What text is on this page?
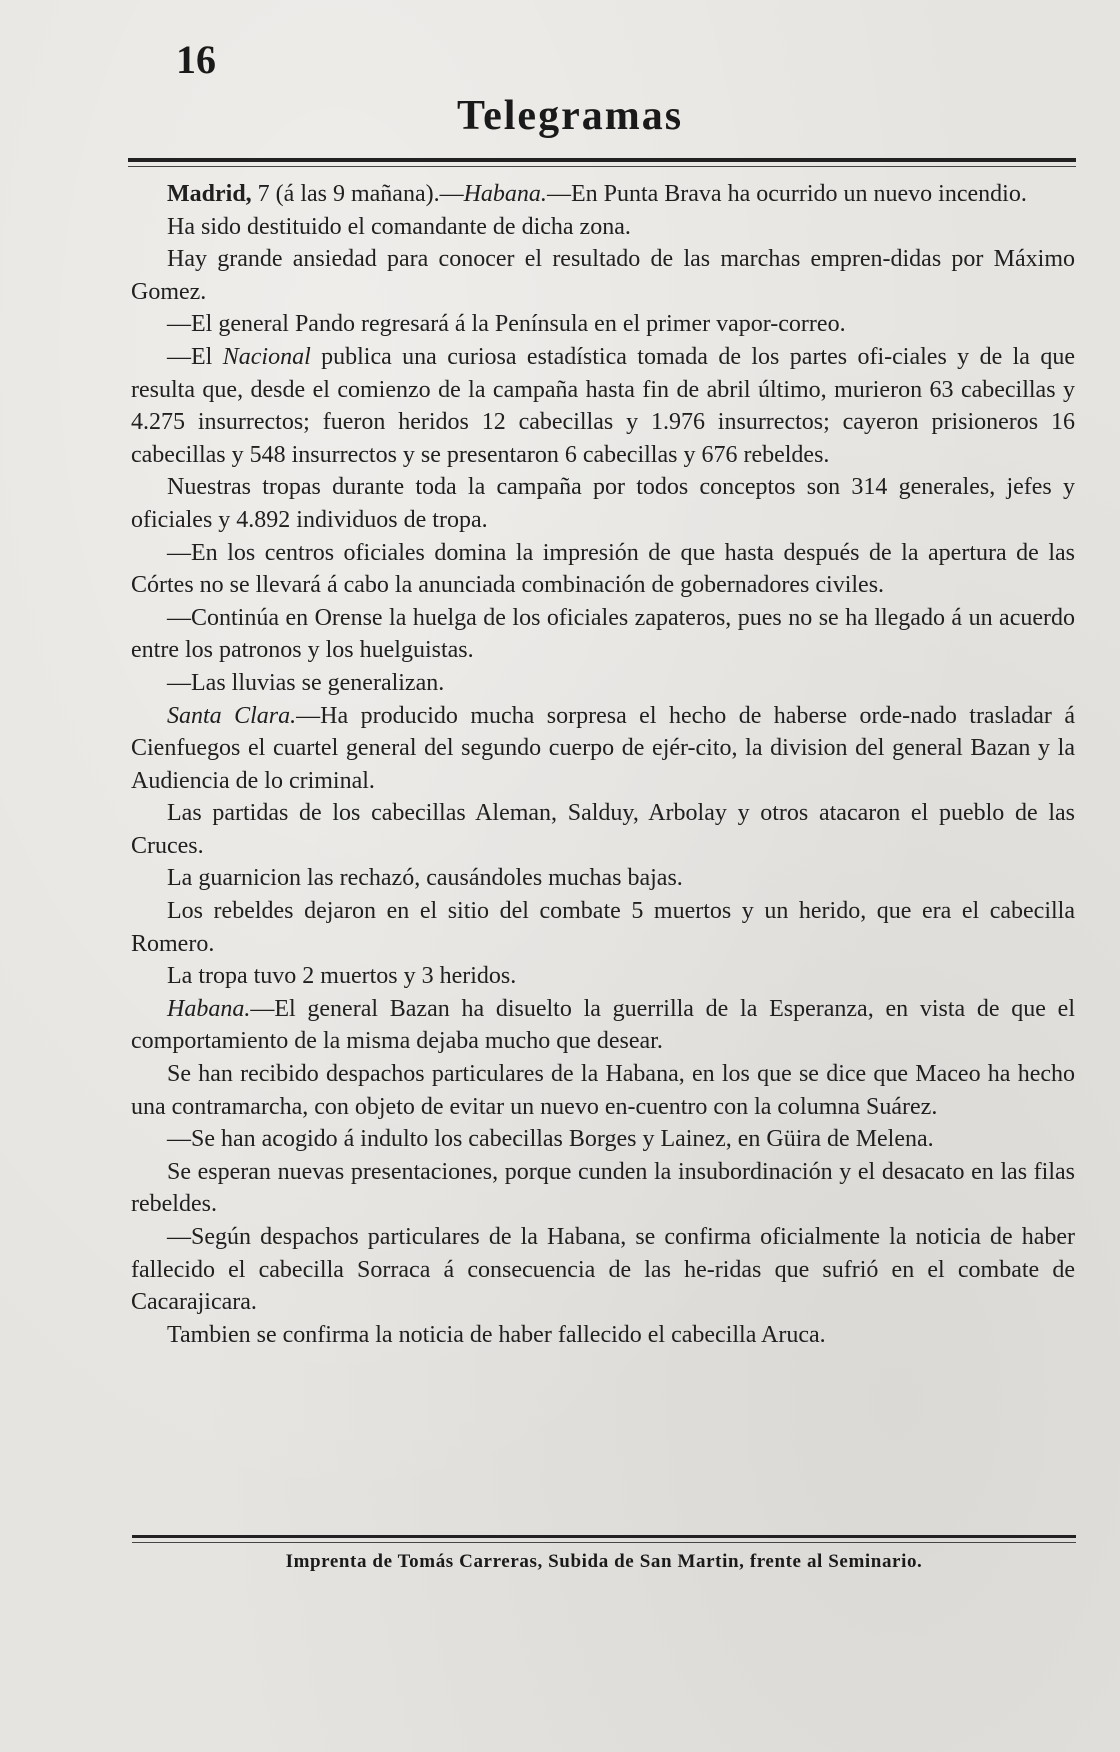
16
Telegramas

Madrid, 7 (á las 9 mañana).—Habana.—En Punta Brava ha ocurrido un nuevo incendio.

Ha sido destituido el comandante de dicha zona.

Hay grande ansiedad para conocer el resultado de las marchas empren-didas por Máximo Gomez.

—El general Pando regresará á la Península en el primer vapor-correo.

—El Nacional publica una curiosa estadística tomada de los partes ofi-ciales y de la que resulta que, desde el comienzo de la campaña hasta fin de abril último, murieron 63 cabecillas y 4.275 insurrectos; fueron heridos 12 cabecillas y 1.976 insurrectos; cayeron prisioneros 16 cabecillas y 548 insurrectos y se presentaron 6 cabecillas y 676 rebeldes.

Nuestras tropas durante toda la campaña por todos conceptos son 314 generales, jefes y oficiales y 4.892 individuos de tropa.

—En los centros oficiales domina la impresión de que hasta después de la apertura de las Córtes no se llevará á cabo la anunciada combinación de gobernadores civiles.

—Continúa en Orense la huelga de los oficiales zapateros, pues no se ha llegado á un acuerdo entre los patronos y los huelguistas.

—Las lluvias se generalizan.

Santa Clara.—Ha producido mucha sorpresa el hecho de haberse orde-nado trasladar á Cienfuegos el cuartel general del segundo cuerpo de ejér-cito, la division del general Bazan y la Audiencia de lo criminal.

Las partidas de los cabecillas Aleman, Salduy, Arbolay y otros atacaron el pueblo de las Cruces.

La guarnicion las rechazó, causándoles muchas bajas.

Los rebeldes dejaron en el sitio del combate 5 muertos y un herido, que era el cabecilla Romero.

La tropa tuvo 2 muertos y 3 heridos.

Habana.—El general Bazan ha disuelto la guerrilla de la Esperanza, en vista de que el comportamiento de la misma dejaba mucho que desear.

Se han recibido despachos particulares de la Habana, en los que se dice que Maceo ha hecho una contramarcha, con objeto de evitar un nuevo en-cuentro con la columna Suárez.

—Se han acogido á indulto los cabecillas Borges y Lainez, en Güira de Melena.

Se esperan nuevas presentaciones, porque cunden la insubordinación y el desacato en las filas rebeldes.

—Según despachos particulares de la Habana, se confirma oficialmente la noticia de haber fallecido el cabecilla Sorraca á consecuencia de las he-ridas que sufrió en el combate de Cacarajicara.

Tambien se confirma la noticia de haber fallecido el cabecilla Aruca.

Imprenta de Tomás Carreras, Subida de San Martin, frente al Seminario.
